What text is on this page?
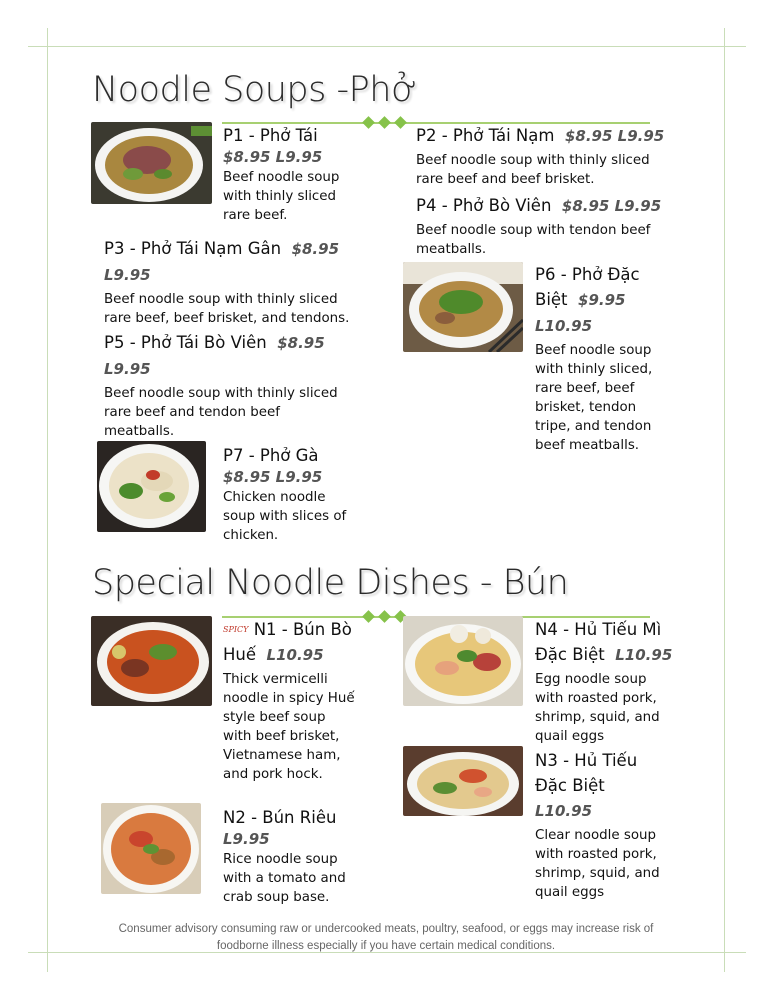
Noodle Soups -Phở
P1 - Phở Tái
$8.95 L9.95
Beef noodle soup with thinly sliced rare beef.
P2 - Phở Tái Nạm $8.95 L9.95
Beef noodle soup with thinly sliced rare beef and beef brisket.
P4 - Phở Bò Viên $8.95 L9.95
Beef noodle soup with tendon beef meatballs.
P3 - Phở Tái Nạm Gân $8.95 L9.95
Beef noodle soup with thinly sliced rare beef, beef brisket, and tendons.
P6 - Phở Đặc Biệt $9.95 L10.95
Beef noodle soup with thinly sliced, rare beef, beef brisket, tendon tripe, and tendon beef meatballs.
P5 - Phở Tái Bò Viên $8.95 L9.95
Beef noodle soup with thinly sliced rare beef and tendon beef meatballs.
P7 - Phở Gà
$8.95 L9.95
Chicken noodle soup with slices of chicken.
Special Noodle Dishes - Bún
$^{SPICY}$ N1 - Bún Bò Huế L10.95
Thick vermicelli noodle in spicy Huế style beef soup with beef brisket, Vietnamese ham, and pork hock.
N4 - Hủ Tiếu Mì Đặc Biệt L10.95
Egg noodle soup with roasted pork, shrimp, squid, and quail eggs
N3 - Hủ Tiếu Đặc Biệt  L10.95
Clear noodle soup with roasted pork, shrimp, squid, and quail eggs
N2 - Bún Riêu
L9.95
Rice noodle soup with a tomato and crab soup base.
Consumer advisory consuming raw or undercooked meats, poultry, seafood, or eggs may increase risk of foodborne illness especially if you have certain medical conditions.
